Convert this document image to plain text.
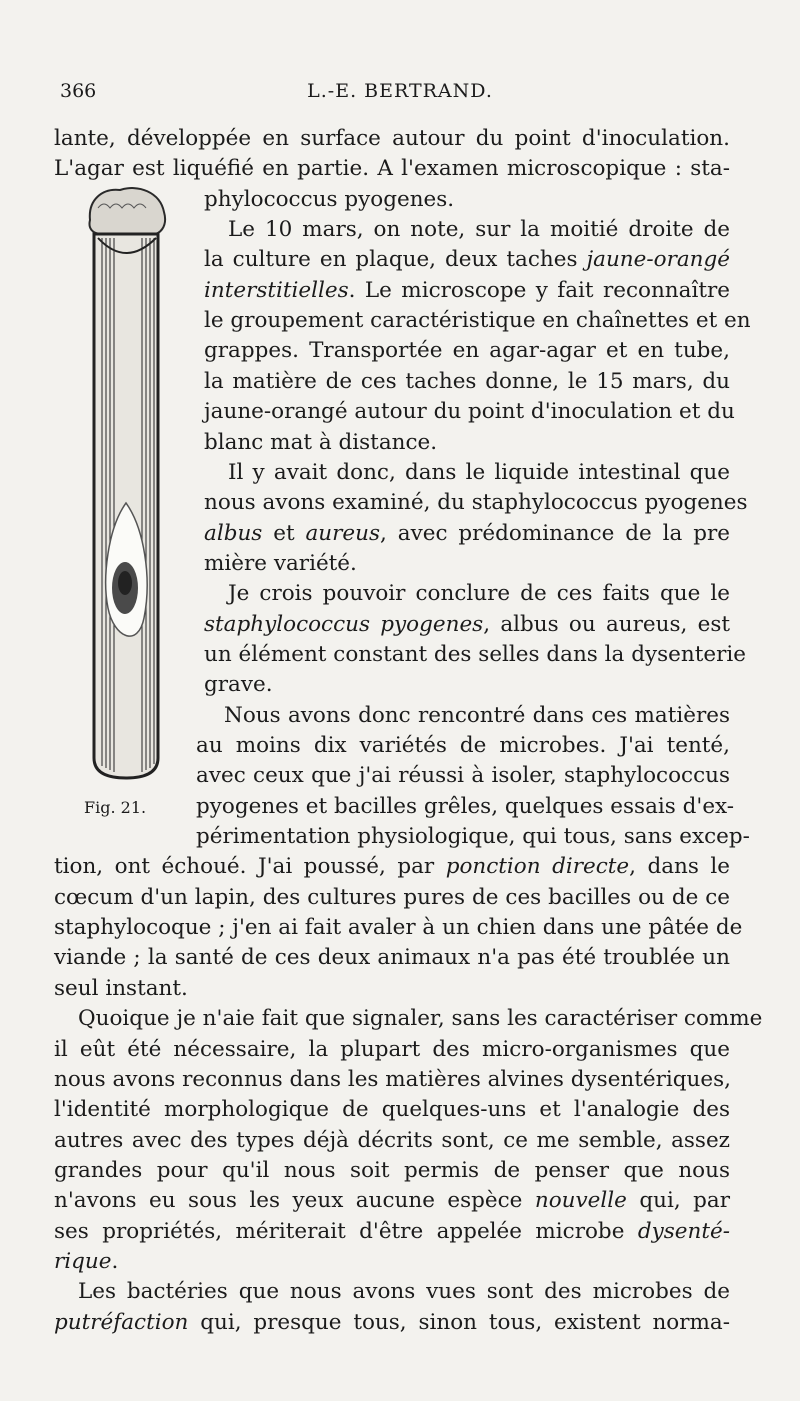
366	L.-E. BERTRAND.
Fig. 21.
lante, développée en surface autour du point d'inoculation.
L'agar est liquéfié en partie. A l'examen microscopique : sta-
phylococcus pyogenes.
Le 10 mars, on note, sur la moitié droite de
la culture en plaque, deux taches jaune-orangé
interstitielles. Le microscope y fait reconnaître
le groupement caractéristique en chaînettes et en
grappes. Transportée en agar-agar et en tube,
la matière de ces taches donne, le 15 mars, du
jaune-orangé autour du point d'inoculation et du
blanc mat à distance.
Il y avait donc, dans le liquide intestinal que
nous avons examiné, du staphylococcus pyogenes
albus et aureus, avec prédominance de la pre
mière variété.
Je crois pouvoir conclure de ces faits que le
staphylococcus pyogenes, albus ou aureus, est
un élément constant des selles dans la dysenterie
grave.
Nous avons donc rencontré dans ces matières
au moins dix variétés de microbes. J'ai tenté,
avec ceux que j'ai réussi à isoler, staphylococcus
pyogenes et bacilles grêles, quelques essais d'ex-
périmentation physiologique, qui tous, sans excep-
tion, ont échoué. J'ai poussé, par ponction directe, dans le
cœcum d'un lapin, des cultures pures de ces bacilles ou de ce
staphylocoque ; j'en ai fait avaler à un chien dans une pâtée de
viande ; la santé de ces deux animaux n'a pas été troublée un
seul instant.
Quoique je n'aie fait que signaler, sans les caractériser comme
il eût été nécessaire, la plupart des micro-organismes que
nous avons reconnus dans les matières alvines dysentériques,
l'identité morphologique de quelques-uns et l'analogie des
autres avec des types déjà décrits sont, ce me semble, assez
grandes pour qu'il nous soit permis de penser que nous
n'avons eu sous les yeux aucune espèce nouvelle qui, par
ses propriétés, mériterait d'être appelée microbe dysenté-
rique.
Les bactéries que nous avons vues sont des microbes de
putréfaction qui, presque tous, sinon tous, existent norma-
